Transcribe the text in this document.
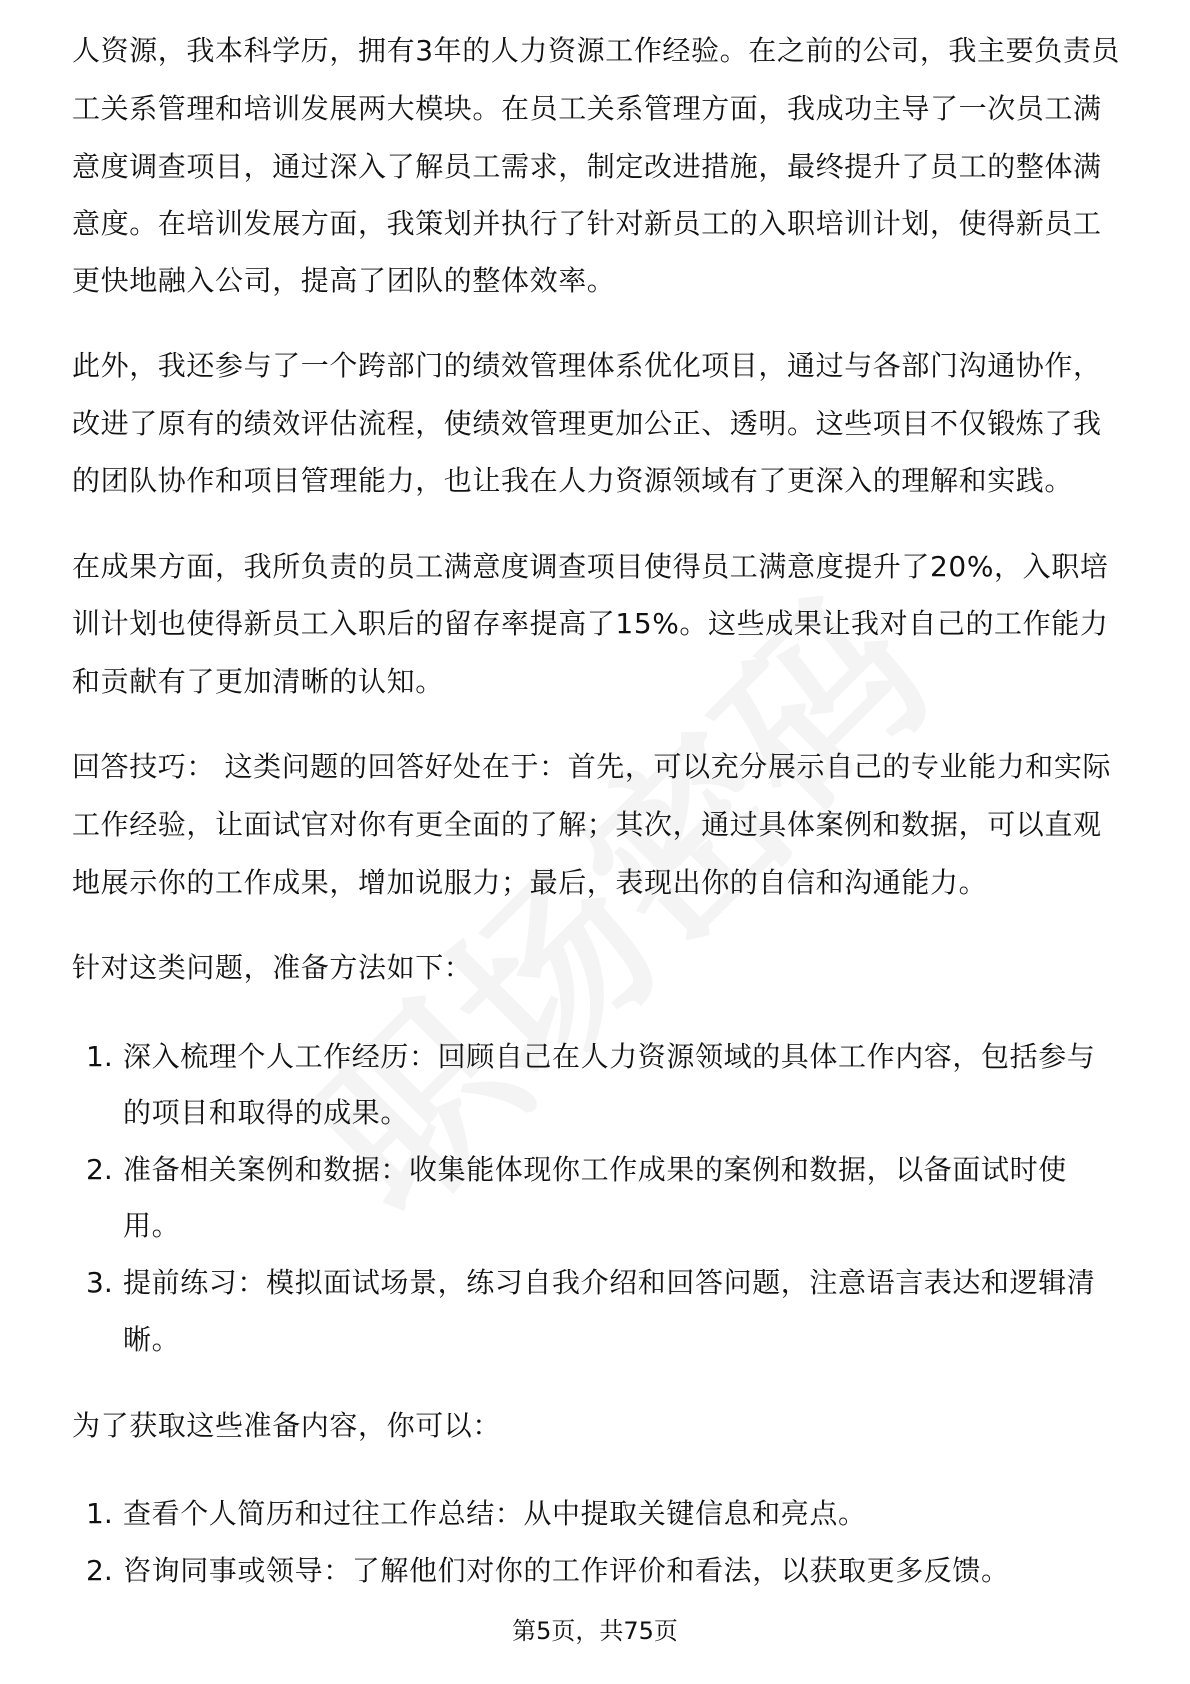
人资源，我本科学历，拥有3年的人力资源工作经验。在之前的公司，我主要负责员
工关系管理和培训发展两大模块。在员工关系管理方面，我成功主导了一次员工满
意度调查项目，通过深入了解员工需求，制定改进措施，最终提升了员工的整体满
意度。在培训发展方面，我策划并执行了针对新员工的入职培训计划，使得新员工
更快地融入公司，提高了团队的整体效率。
此外，我还参与了一个跨部门的绩效管理体系优化项目，通过与各部门沟通协作，
改进了原有的绩效评估流程，使绩效管理更加公正、透明。这些项目不仅锻炼了我
的团队协作和项目管理能力，也让我在人力资源领域有了更深入的理解和实践。
在成果方面，我所负责的员工满意度调查项目使得员工满意度提升了20%，入职培
训计划也使得新员工入职后的留存率提高了15%。这些成果让我对自己的工作能力
和贡献有了更加清晰的认知。
回答技巧： 这类问题的回答好处在于：首先，可以充分展示自己的专业能力和实际
工作经验，让面试官对你有更全面的了解；其次，通过具体案例和数据，可以直观
地展示你的工作成果，增加说服力；最后，表现出你的自信和沟通能力。
针对这类问题，准备方法如下：
1. 深入梳理个人工作经历：回顾自己在人力资源领域的具体工作内容，包括参与
的项目和取得的成果。
2. 准备相关案例和数据：收集能体现你工作成果的案例和数据，以备面试时使
用。
3. 提前练习：模拟面试场景，练习自我介绍和回答问题，注意语言表达和逻辑清
晰。
为了获取这些准备内容，你可以：
1. 查看个人简历和过往工作总结：从中提取关键信息和亮点。
2. 咨询同事或领导：了解他们对你的工作评价和看法，以获取更多反馈。
第5页，共75页
